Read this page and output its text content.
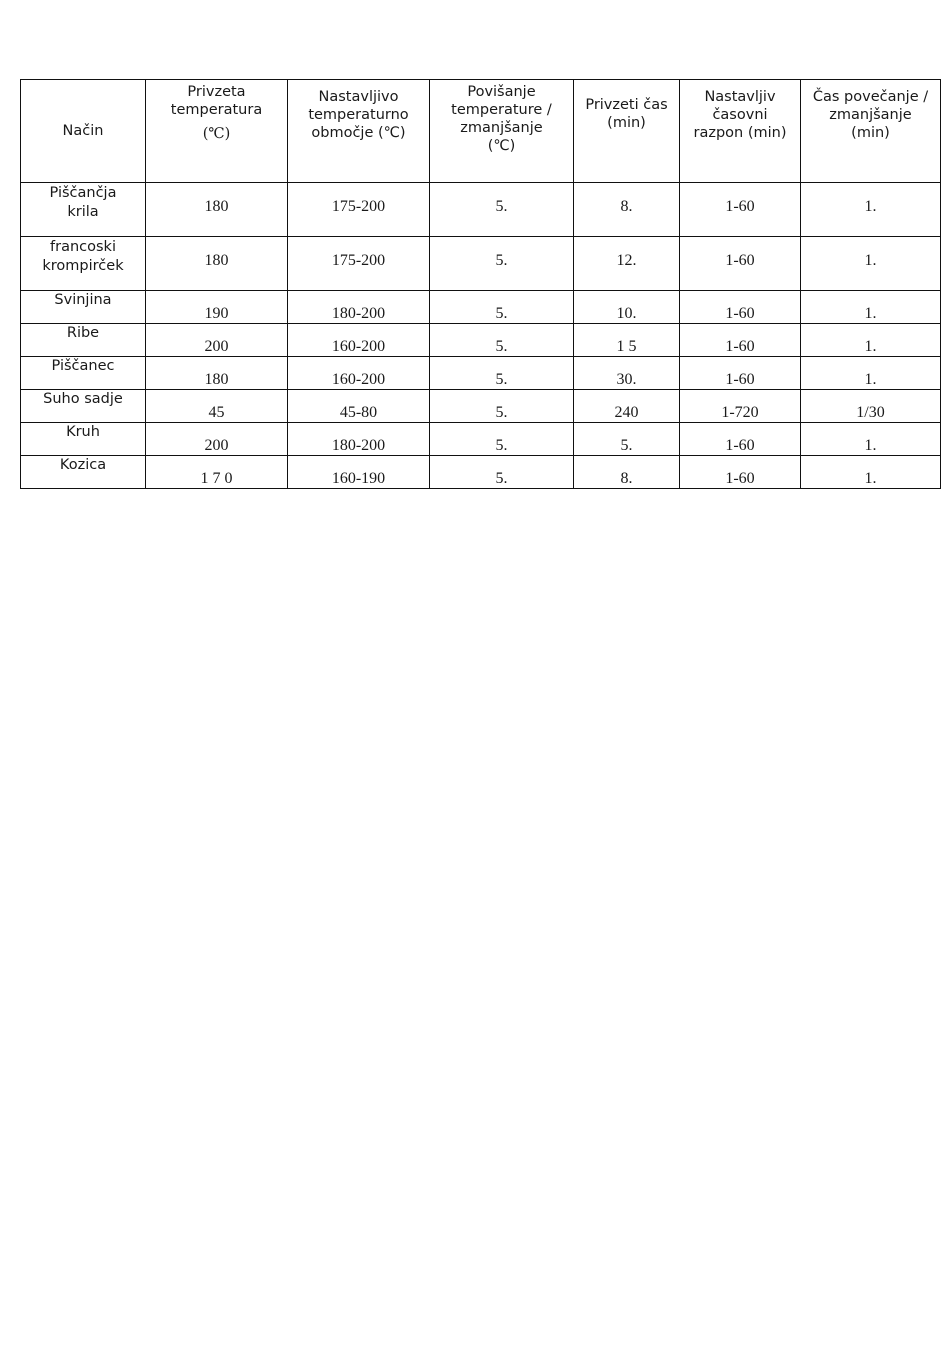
Način	Privzeta
temperatura
(℃)	Nastavljivo
temperaturno
območje (℃)	Povišanje
temperature /
zmanjšanje
(℃)	Privzeti čas
(min)	Nastavljiv
časovni
razpon (min)	Čas povečanje /
zmanjšanje
(min)

Piščančja
krila	180	175-200	5.	8.	1-60	1.

francoski
krompirček	180	175-200	5.	12.	1-60	1.

Svinjina	190	180-200	5.	10.	1-60	1.

Ribe	200	160-200	5.	1 5	1-60	1.

Piščanec	180	160-200	5.	30.	1-60	1.

Suho sadje	45	45-80	5.	240	1-720	1/30

Kruh	200	180-200	5.	5.	1-60	1.

Kozica	1 7 0	160-190	5.	8.	1-60	1.
